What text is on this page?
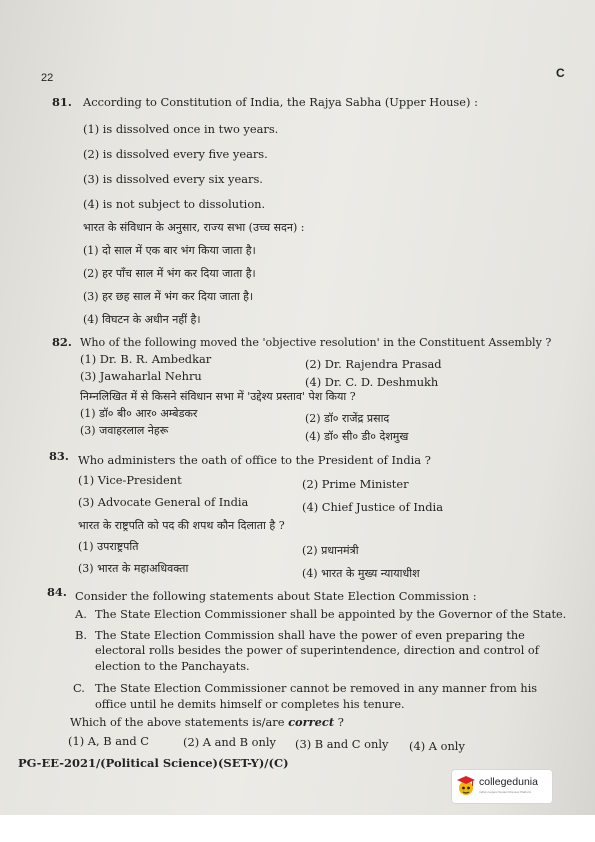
22	C
81. According to Constitution of India, the Rajya Sabha (Upper House) :
(1) is dissolved once in two years.
(2) is dissolved every five years.
(3) is dissolved every six years.
(4) is not subject to dissolution.
भारत के संविधान के अनुसार, राज्य सभा (उच्च सदन) :
(1) दो साल में एक बार भंग किया जाता है।
(2) हर पाँच साल में भंग कर दिया जाता है।
(3) हर छह साल में भंग कर दिया जाता है।
(4) विघटन के अधीन नहीं है।
82. Who of the following moved the 'objective resolution' in the Constituent Assembly ?
(1) Dr. B. R. Ambedkar	(2) Dr. Rajendra Prasad
(3) Jawaharlal Nehru	(4) Dr. C. D. Deshmukh
निम्नलिखित में से किसने संविधान सभा में 'उद्देश्य प्रस्ताव' पेश किया ?
(1) डॉ० बी० आर० अम्बेडकर	(2) डॉ० राजेंद्र प्रसाद
(3) जवाहरलाल नेहरू	(4) डॉ० सी० डी० देशमुख
83. Who administers the oath of office to the President of India ?
(1) Vice-President	(2) Prime Minister
(3) Advocate General of India	(4) Chief Justice of India
भारत के राष्ट्रपति को पद की शपथ कौन दिलाता है ?
(1) उपराष्ट्रपति	(2) प्रधानमंत्री
(3) भारत के महाअधिवक्ता	(4) भारत के मुख्य न्यायाधीश
84. Consider the following statements about State Election Commission :
A. The State Election Commissioner shall be appointed by the Governor of the State.
B. The State Election Commission shall have the power of even preparing the
electoral rolls besides the power of superintendence, direction and control of
election to the Panchayats.
C. The State Election Commissioner cannot be removed in any manner from his
office until he demits himself or completes his tenure.
Which of the above statements is/are correct ?
(1) A, B and C	(2) A and B only (3) B and C only (4) A only
PG-EE-2021/(Political Science)(SET-Y)/(C)
collegedunia
India's largest Student Review Platform
